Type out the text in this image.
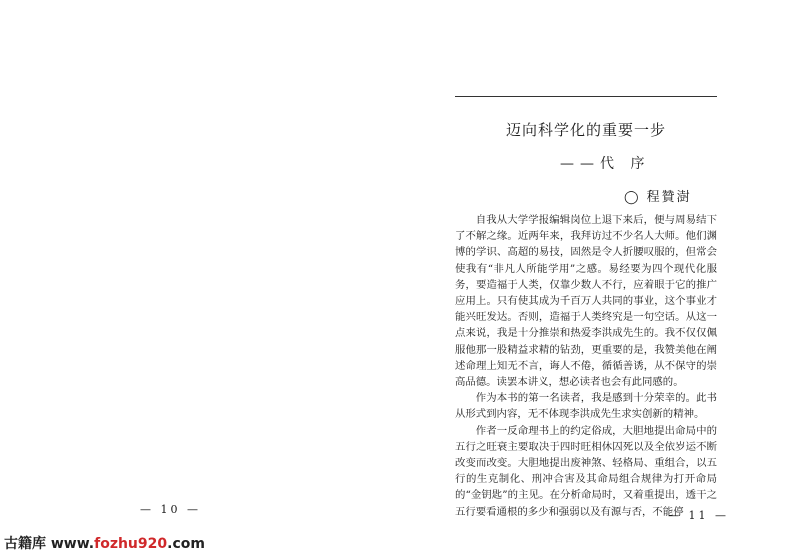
迈向科学化的重要一步
——代 序
◯ 程贊澍

自我从大学学报编辑岗位上退下来后，便与周易结下了不解之缘。近两年来，我拜访过不少名人大师。他们渊博的学识、高超的易技，固然是令人折腰叹服的，但常会使我有“非凡人所能学用”之感。易经要为四个现代化服务，要造福于人类，仅靠少数人不行，应着眼于它的推广应用上。只有使其成为千百万人共同的事业，这个事业才能兴旺发达。否则，造福于人类终究是一句空话。从这一点来说，我是十分推崇和热爱李洪成先生的。我不仅仅佩服他那一股精益求精的钻劲，更重要的是，我赞美他在阐述命理上知无不言，诲人不倦，循循善诱，从不保守的崇高品德。读罢本讲义，想必读者也会有此同感的。

作为本书的第一名读者，我是感到十分荣幸的。此书从形式到内容，无不体现李洪成先生求实创新的精神。

作者一反命理书上的约定俗成，大胆地提出命局中的五行之旺衰主要取决于四时旺相休囚死以及全依岁运不断改变而改变。大胆地提出废神煞、轻格局、重组合，以五行的生克制化、刑冲合害及其命局组合规律为打开命局的“金钥匙”的主见。在分析命局时，又着重提出，透干之五行要看通根的多少和强弱以及有源与否，不能停

— 10 —	— 11 —
古籍库 www.fozhu920.com
